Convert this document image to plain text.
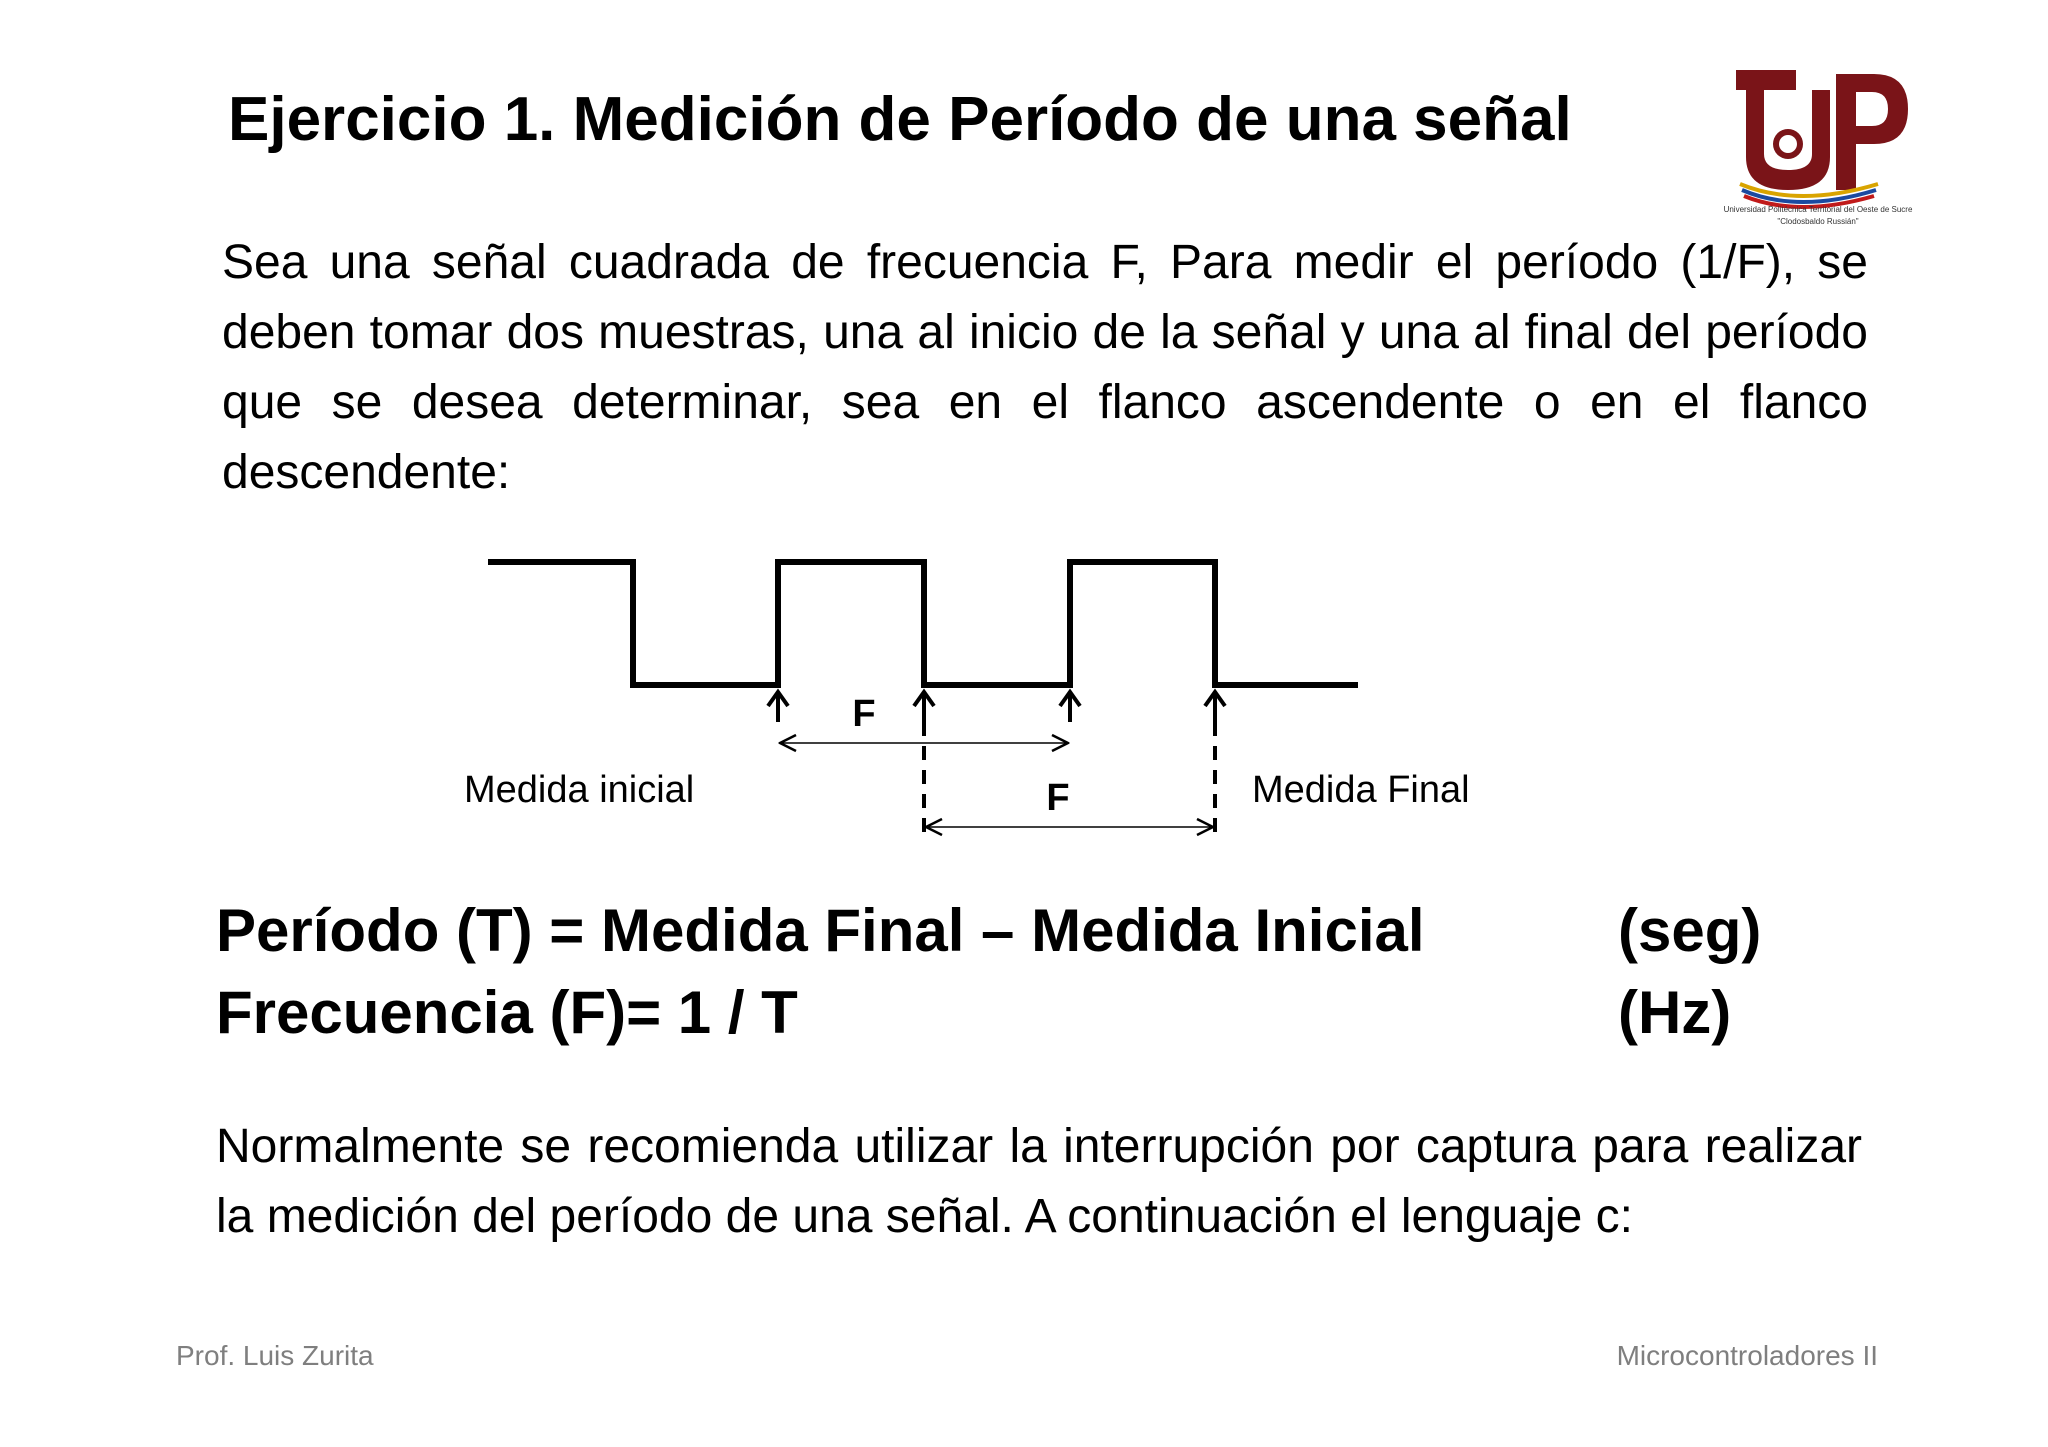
Ejercicio 1. Medición de Período de una señal
Universidad Politécnica Territorial del Oeste de Sucre
"Clodosbaldo Russián"

Sea una señal cuadrada de frecuencia F, Para medir el período (1/F), se deben tomar dos muestras, una al inicio de la señal y una al final del período que se desea determinar, sea en el flanco ascendente o en el flanco descendente:

F
F
Medida inicial	Medida Final

Período (T) = Medida Final – Medida Inicial	(seg)

Frecuencia (F)= 1 / T	(Hz)

Normalmente se recomienda utilizar la interrupción por captura para realizar la medición del período de una señal. A continuación el lenguaje c:

Prof. Luis Zurita	Microcontroladores II
